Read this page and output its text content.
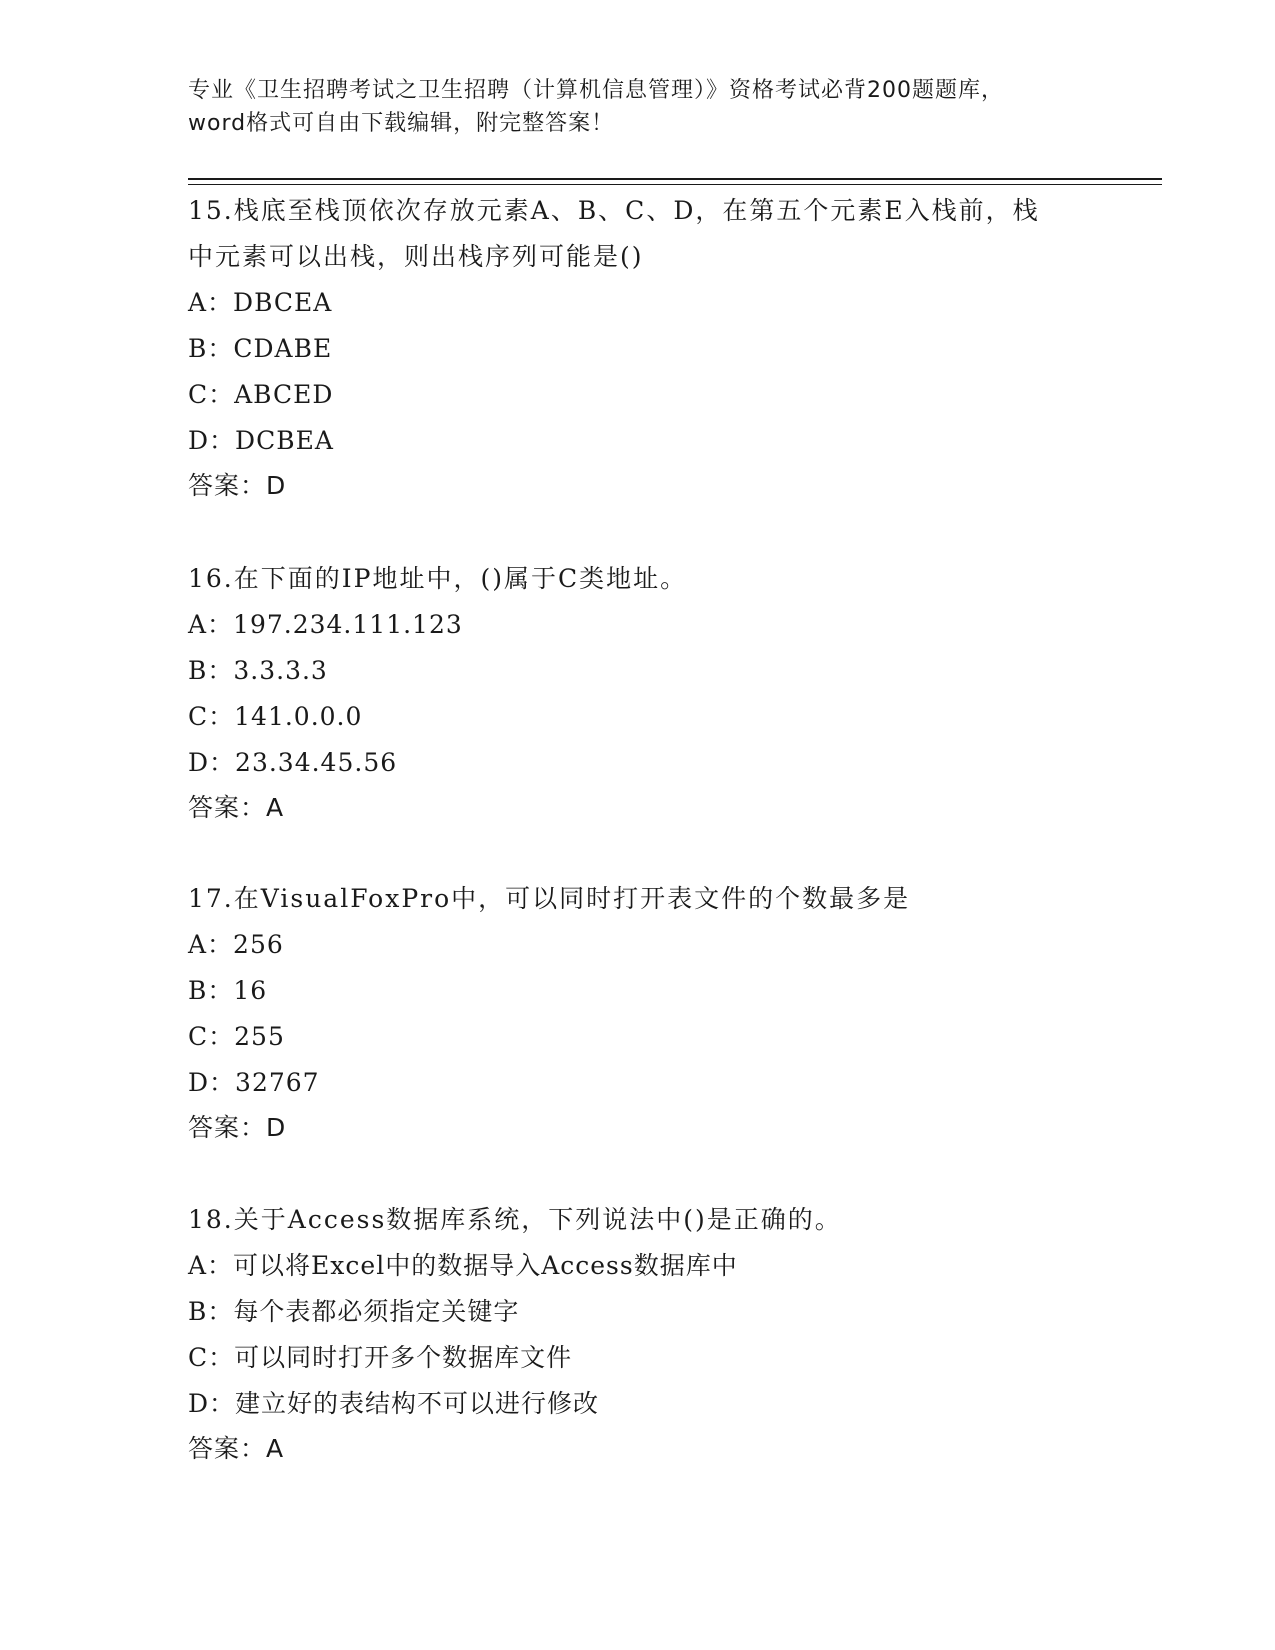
专业《卫生招聘考试之卫生招聘（计算机信息管理）》资格考试必背200题题库，
word格式可自由下载编辑，附完整答案！
15.栈底至栈顶依次存放元素A、B、C、D，在第五个元素E入栈前，栈
中元素可以出栈，则出栈序列可能是()
A：DBCEA
B：CDABE
C：ABCED
D：DCBEA
答案：D
16.在下面的IP地址中，()属于C类地址。
A：197.234.111.123
B：3.3.3.3
C：141.0.0.0
D：23.34.45.56
答案：A
17.在VisualFoxPro中，可以同时打开表文件的个数最多是
A：256
B：16
C：255
D：32767
答案：D
18.关于Access数据库系统，下列说法中()是正确的。
A：可以将Excel中的数据导入Access数据库中
B：每个表都必须指定关键字
C：可以同时打开多个数据库文件
D：建立好的表结构不可以进行修改
答案：A
